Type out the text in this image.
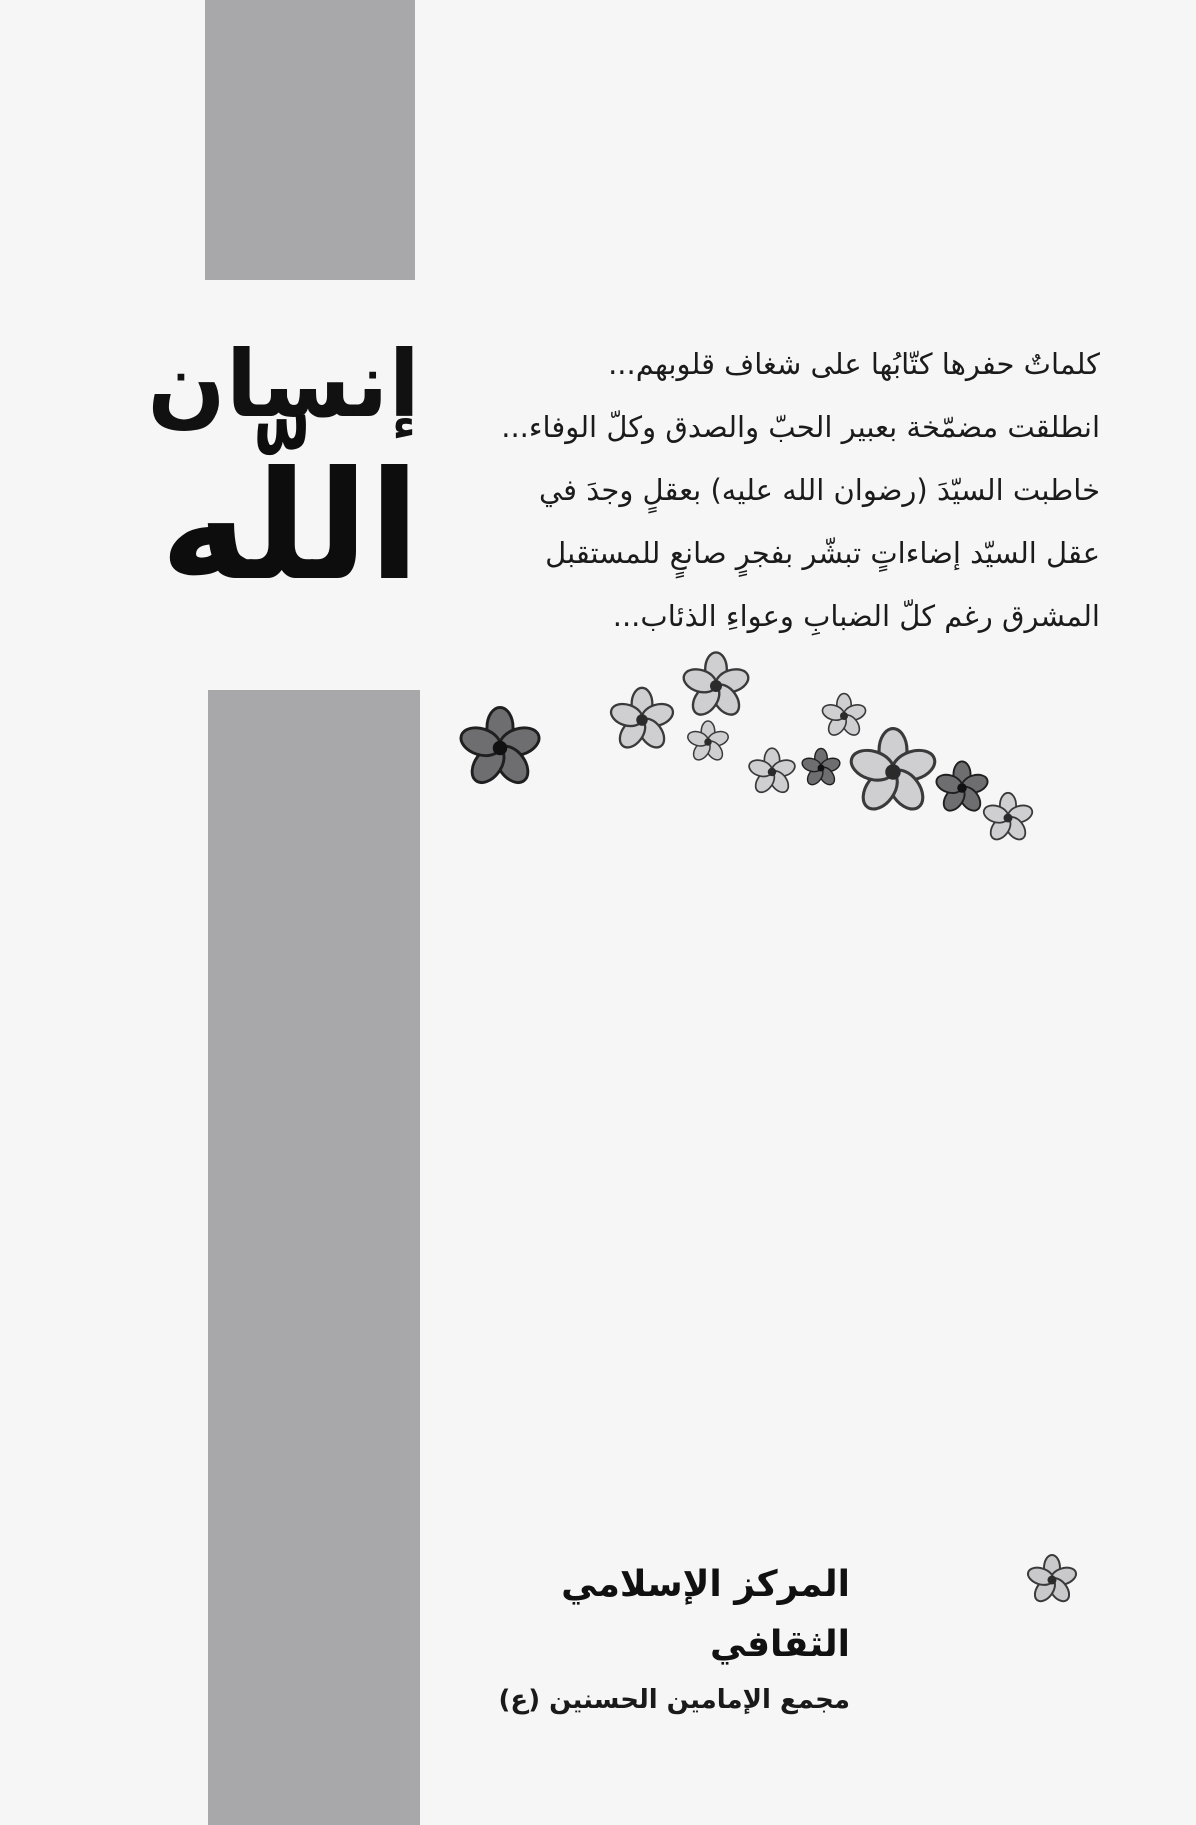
إنسان
اللّه

كلماتٌ حفرها كتّابُها على شغاف قلوبهم...

انطلقت مضمّخة بعبير الحبّ والصدق وكلّ الوفاء...

خاطبت السيّدَ (رضوان الله عليه) بعقلٍ وجدَ في

عقل السيّد إضاءاتٍ تبشّر بفجرٍ صانعٍ للمستقبل

المشرق رغم كلّ الضبابِ وعواءِ الذئاب...

المركز الإسلامي الثقافي
مجمع الإمامين الحسنين (ع)
